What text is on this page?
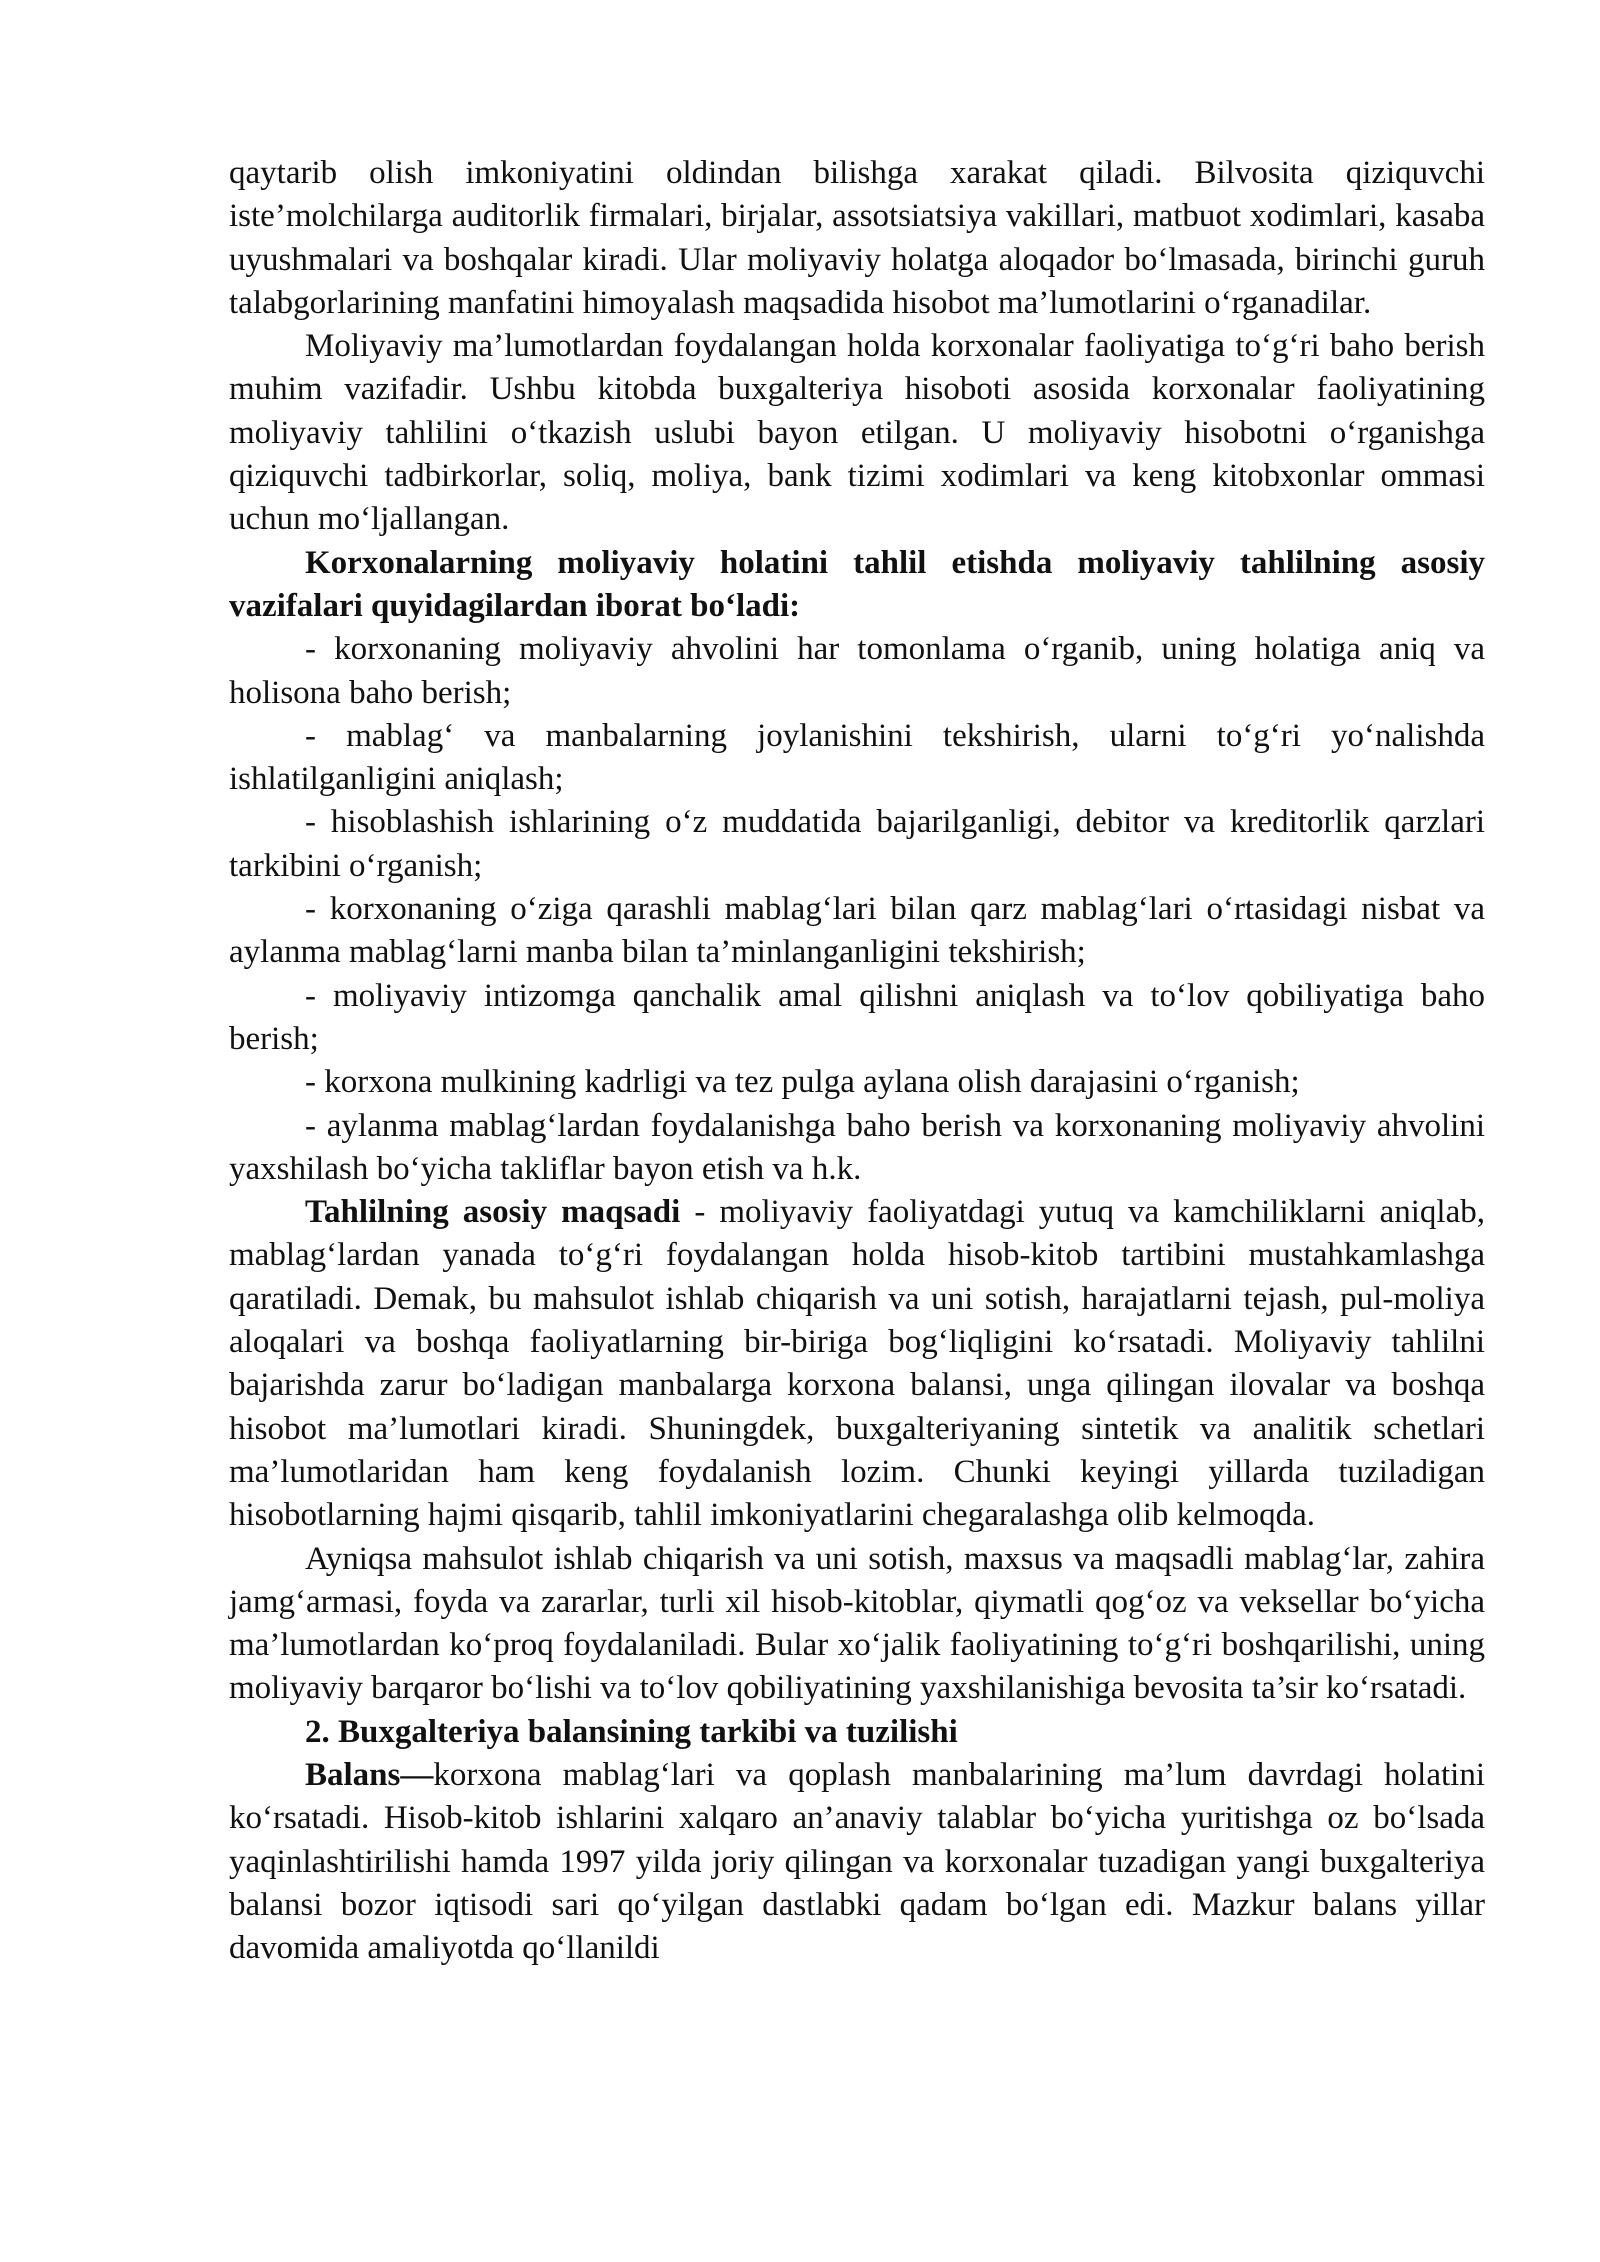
qaytarib olish imkoniyatini oldindan bilishga xarakat qiladi. Bilvosita qiziquvchi iste’molchilarga auditorlik firmalari, birjalar, assotsiatsiya vakillari, matbuot xodimlari, kasaba uyushmalari va boshqalar kiradi. Ular moliyaviy holatga aloqador bo‘lmasada, birinchi guruh talabgorlarining manfatini himoyalash maqsadida hisobot ma’lumotlarini o‘rganadilar.

Moliyaviy ma’lumotlardan foydalangan holda korxonalar faoliyatiga to‘g‘ri baho berish muhim vazifadir. Ushbu kitobda buxgalteriya hisoboti asosida korxonalar faoliyatining moliyaviy tahlilini o‘tkazish uslubi bayon etilgan. U moliyaviy hisobotni o‘rganishga qiziquvchi tadbirkorlar, soliq, moliya, bank tizimi xodimlari va keng kitobxonlar ommasi uchun mo‘ljallangan.

Korxonalarning moliyaviy holatini tahlil etishda moliyaviy tahlilning asosiy vazifalari quyidagilardan iborat bo‘ladi:

- korxonaning moliyaviy ahvolini har tomonlama o‘rganib, uning holatiga aniq va holisona baho berish;

- mablag‘ va manbalarning joylanishini tekshirish, ularni to‘g‘ri yo‘nalishda ishlatilganligini aniqlash;

- hisoblashish ishlarining o‘z muddatida bajarilganligi, debitor va kreditorlik qarzlari tarkibini o‘rganish;

- korxonaning o‘ziga qarashli mablag‘lari bilan qarz mablag‘lari o‘rtasidagi nisbat va aylanma mablag‘larni manba bilan ta’minlanganligini tekshirish;

- moliyaviy intizomga qanchalik amal qilishni aniqlash va to‘lov qobiliyatiga baho berish;

- korxona mulkining kadrligi va tez pulga aylana olish darajasini o‘rganish;

- aylanma mablag‘lardan foydalanishga baho berish va korxonaning moliyaviy ahvolini yaxshilash bo‘yicha takliflar bayon etish va h.k.

Tahlilning asosiy maqsadi - moliyaviy faoliyatdagi yutuq va kamchiliklarni aniqlab, mablag‘lardan yanada to‘g‘ri foydalangan holda hisob-kitob tartibini mustahkamlashga qaratiladi. Demak, bu mahsulot ishlab chiqarish va uni sotish, harajatlarni tejash, pul-moliya aloqalari va boshqa faoliyatlarning bir-biriga bog‘liqligini ko‘rsatadi. Moliyaviy tahlilni bajarishda zarur bo‘ladigan manbalarga korxona balansi, unga qilingan ilovalar va boshqa hisobot ma’lumotlari kiradi. Shuningdek, buxgalteriyaning sintetik va analitik schetlari ma’lumotlaridan ham keng foydalanish lozim. Chunki keyingi yillarda tuziladigan hisobotlarning hajmi qisqarib, tahlil imkoniyatlarini chegaralashga olib kelmoqda.

Ayniqsa mahsulot ishlab chiqarish va uni sotish, maxsus va maqsadli mablag‘lar, zahira jamg‘armasi, foyda va zararlar, turli xil hisob-kitoblar, qiymatli qog‘oz va veksellar bo‘yicha ma’lumotlardan ko‘proq foydalaniladi. Bular xo‘jalik faoliyatining to‘g‘ri boshqarilishi, uning moliyaviy barqaror bo‘lishi va to‘lov qobiliyatining yaxshilanishiga bevosita ta’sir ko‘rsatadi.

2. Buxgalteriya balansining tarkibi va tuzilishi

Balans—korxona mablag‘lari va qoplash manbalarining ma’lum davrdagi holatini ko‘rsatadi. Hisob-kitob ishlarini xalqaro an’anaviy talablar bo‘yicha yuritishga oz bo‘lsada yaqinlashtirilishi hamda 1997 yilda joriy qilingan va korxonalar tuzadigan yangi buxgalteriya balansi bozor iqtisodi sari qo‘yilgan dastlabki qadam bo‘lgan edi. Mazkur balans yillar davomida amaliyotda qo‘llanildi
